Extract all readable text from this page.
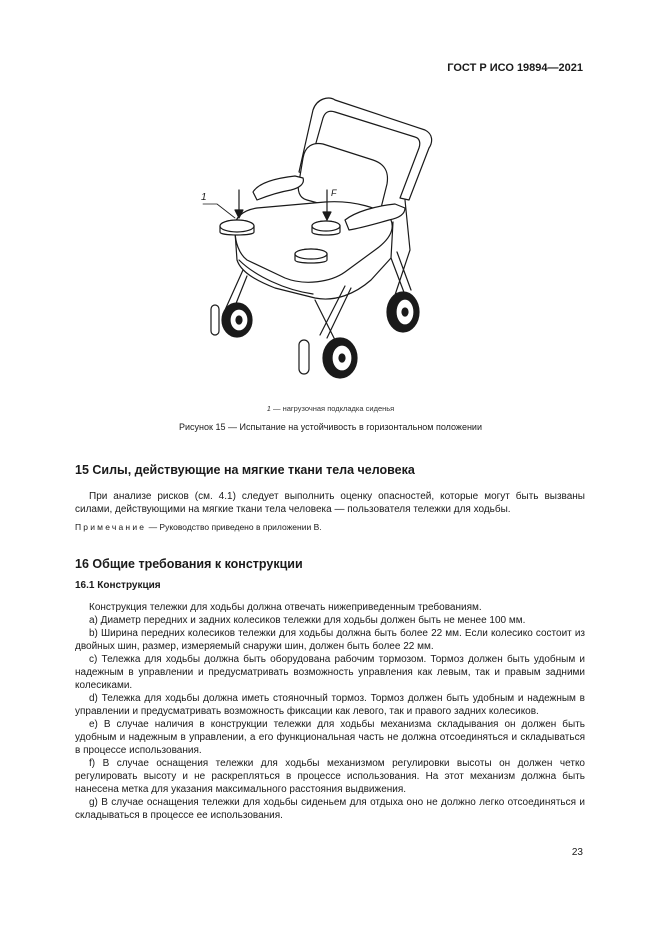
ГОСТ Р ИСО 19894—2021
1	F
1 — нагрузочная подкладка сиденья
Рисунок 15 — Испытание на устойчивость в горизонтальном положении
15 Силы, действующие на мягкие ткани тела человека
При анализе рисков (см. 4.1) следует выполнить оценку опасностей, которые могут быть вызваны силами, действующими на мягкие ткани тела человека — пользователя тележки для ходьбы.
Примечание — Руководство приведено в приложении В.
16 Общие требования к конструкции
16.1 Конструкция
Конструкция тележки для ходьбы должна отвечать нижеприведенным требованиям.
а) Диаметр передних и задних колесиков тележки для ходьбы должен быть не менее 100 мм.
b) Ширина передних колесиков тележки для ходьбы должна быть более 22 мм. Если колесико состоит из двойных шин, размер, измеряемый снаружи шин, должен быть более 22 мм.
с) Тележка для ходьбы должна быть оборудована рабочим тормозом. Тормоз должен быть удобным и надежным в управлении и предусматривать возможность управления как левым, так и правым задними колесиками.
d) Тележка для ходьбы должна иметь стояночный тормоз. Тормоз должен быть удобным и надежным в управлении и предусматривать возможность фиксации как левого, так и правого задних колесиков.
е) В случае наличия в конструкции тележки для ходьбы механизма складывания он должен быть удобным и надежным в управлении, а его функциональная часть не должна отсоединяться и складываться в процессе использования.
f) В случае оснащения тележки для ходьбы механизмом регулировки высоты он должен четко регулировать высоту и не раскрепляться в процессе использования. На этот механизм должна быть нанесена метка для указания максимального расстояния выдвижения.
g) В случае оснащения тележки для ходьбы сиденьем для отдыха оно не должно легко отсоединяться и складываться в процессе ее использования.
23
